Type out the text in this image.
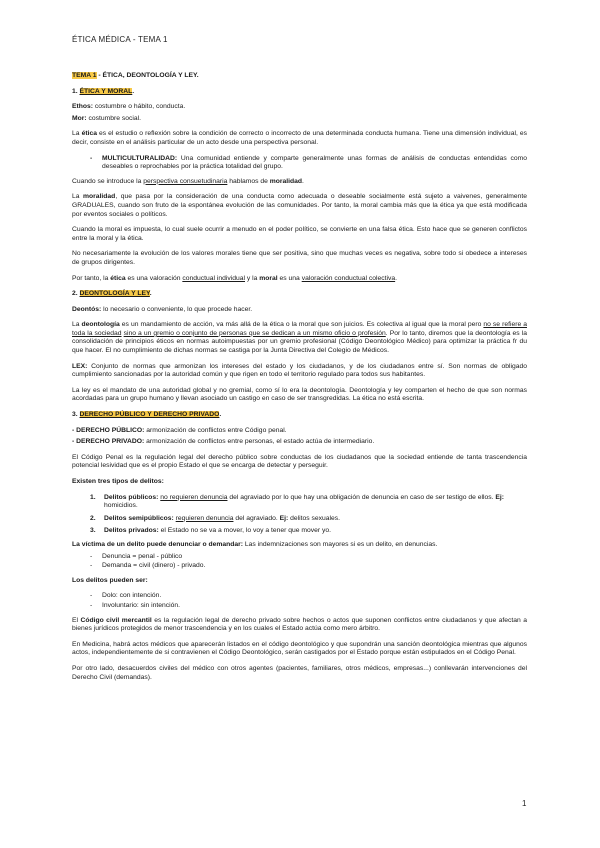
ÉTICA MÉDICA - TEMA 1

TEMA 1 - ÉTICA, DEONTOLOGÍA Y LEY.

1. ÉTICA Y MORAL.

Ethos: costumbre o hábito, conducta.

Mor: costumbre social.

La ética es el estudio o reflexión sobre la condición de correcto o incorrecto de una determinada conducta humana. Tiene una dimensión individual, es decir, consiste en el análisis particular de un acto desde una perspectiva personal.

-	MULTICULTURALIDAD: Una comunidad entiende y comparte generalmente unas formas de análisis de conductas entendidas como deseables o reprochables por la práctica totalidad del grupo.

Cuando se introduce la perspectiva consuetudinaria hablamos de moralidad.

La moralidad, que pasa por la consideración de una conducta como adecuada o deseable socialmente está sujeto a vaivenes, generalmente GRADUALES, cuando son fruto de la espontánea evolución de las comunidades. Por tanto, la moral cambia más que la ética ya que está modificada por eventos sociales o políticos.

Cuando la moral es impuesta, lo cual suele ocurrir a menudo en el poder político, se convierte en una falsa ética. Esto hace que se generen conflictos entre la moral y la ética.

No necesariamente la evolución de los valores morales tiene que ser positiva, sino que muchas veces es negativa, sobre todo si obedece a intereses de grupos dirigentes.

Por tanto, la ética es una valoración conductual individual y la moral es una valoración conductual colectiva.

2. DEONTOLOGÍA Y LEY.

Deontós: lo necesario o conveniente, lo que procede hacer.

La deontología es un mandamiento de acción, va más allá de la ética o la moral que son juicios. Es colectiva al igual que la moral pero no se refiere a toda la sociedad sino a un gremio o conjunto de personas que se dedican a un mismo oficio o profesión. Por lo tanto, diremos que la deontología es la consolidación de principios éticos en normas autoimpuestas por un gremio profesional (Código Deontológico Médico) para optimizar la práctica fr du que hacer. El no cumplimiento de dichas normas se castiga por la Junta Directiva del Colegio de Médicos.

LEX: Conjunto de normas que armonizan los intereses del estado y los ciudadanos, y de los ciudadanos entre sí. Son normas de obligado cumplimiento sancionadas por la autoridad común y que rigen en todo el territorio regulado para todos sus habitantes.

La ley es el mandato de una autoridad global y no gremial, como sí lo era la deontología. Deontología y ley comparten el hecho de que son normas acordadas para un grupo humano y llevan asociado un castigo en caso de ser transgredidas. La ética no está escrita.

3. DERECHO PÚBLICO Y DERECHO PRIVADO.

- DERECHO PÚBLICO: armonización de conflictos entre Código penal.

- DERECHO PRIVADO: armonización de conflictos entre personas, el estado actúa de intermediario.

El Código Penal es la regulación legal del derecho público sobre conductas de los ciudadanos que la sociedad entiende de tanta trascendencia potencial lesividad que es el propio Estado el que se encarga de detectar y perseguir.

Existen tres tipos de delitos:

1.	Delitos públicos: no requieren denuncia del agraviado por lo que hay una obligación de denuncia en caso de ser testigo de ellos. Ej: homicidios.
2.	Delitos semipúblicos: requieren denuncia del agraviado. Ej: delitos sexuales.
3.	Delitos privados: el Estado no se va a mover, lo voy a tener que mover yo.

La víctima de un delito puede denunciar o demandar: Las indemnizaciones son mayores si es un delito, en denuncias.

-	Denuncia = penal - público
-	Demanda = civil (dinero) - privado.

Los delitos pueden ser:

-	Dolo: con intención.
-	Involuntario: sin intención.

El Código civil mercantil es la regulación legal de derecho privado sobre hechos o actos que suponen conflictos entre ciudadanos y que afectan a bienes jurídicos protegidos de menor trascendencia y en los cuales el Estado actúa como mero árbitro.

En Medicina, habrá actos médicos que aparecerán listados en el código deontológico y que supondrán una sanción deontológica mientras que algunos actos, independientemente de si contravienen el Código Deontológico, serán castigados por el Estado porque están estipulados en el Código Penal.

Por otro lado, desacuerdos civiles del médico con otros agentes (pacientes, familiares, otros médicos, empresas...) conllevarán intervenciones del Derecho Civil (demandas).

1
